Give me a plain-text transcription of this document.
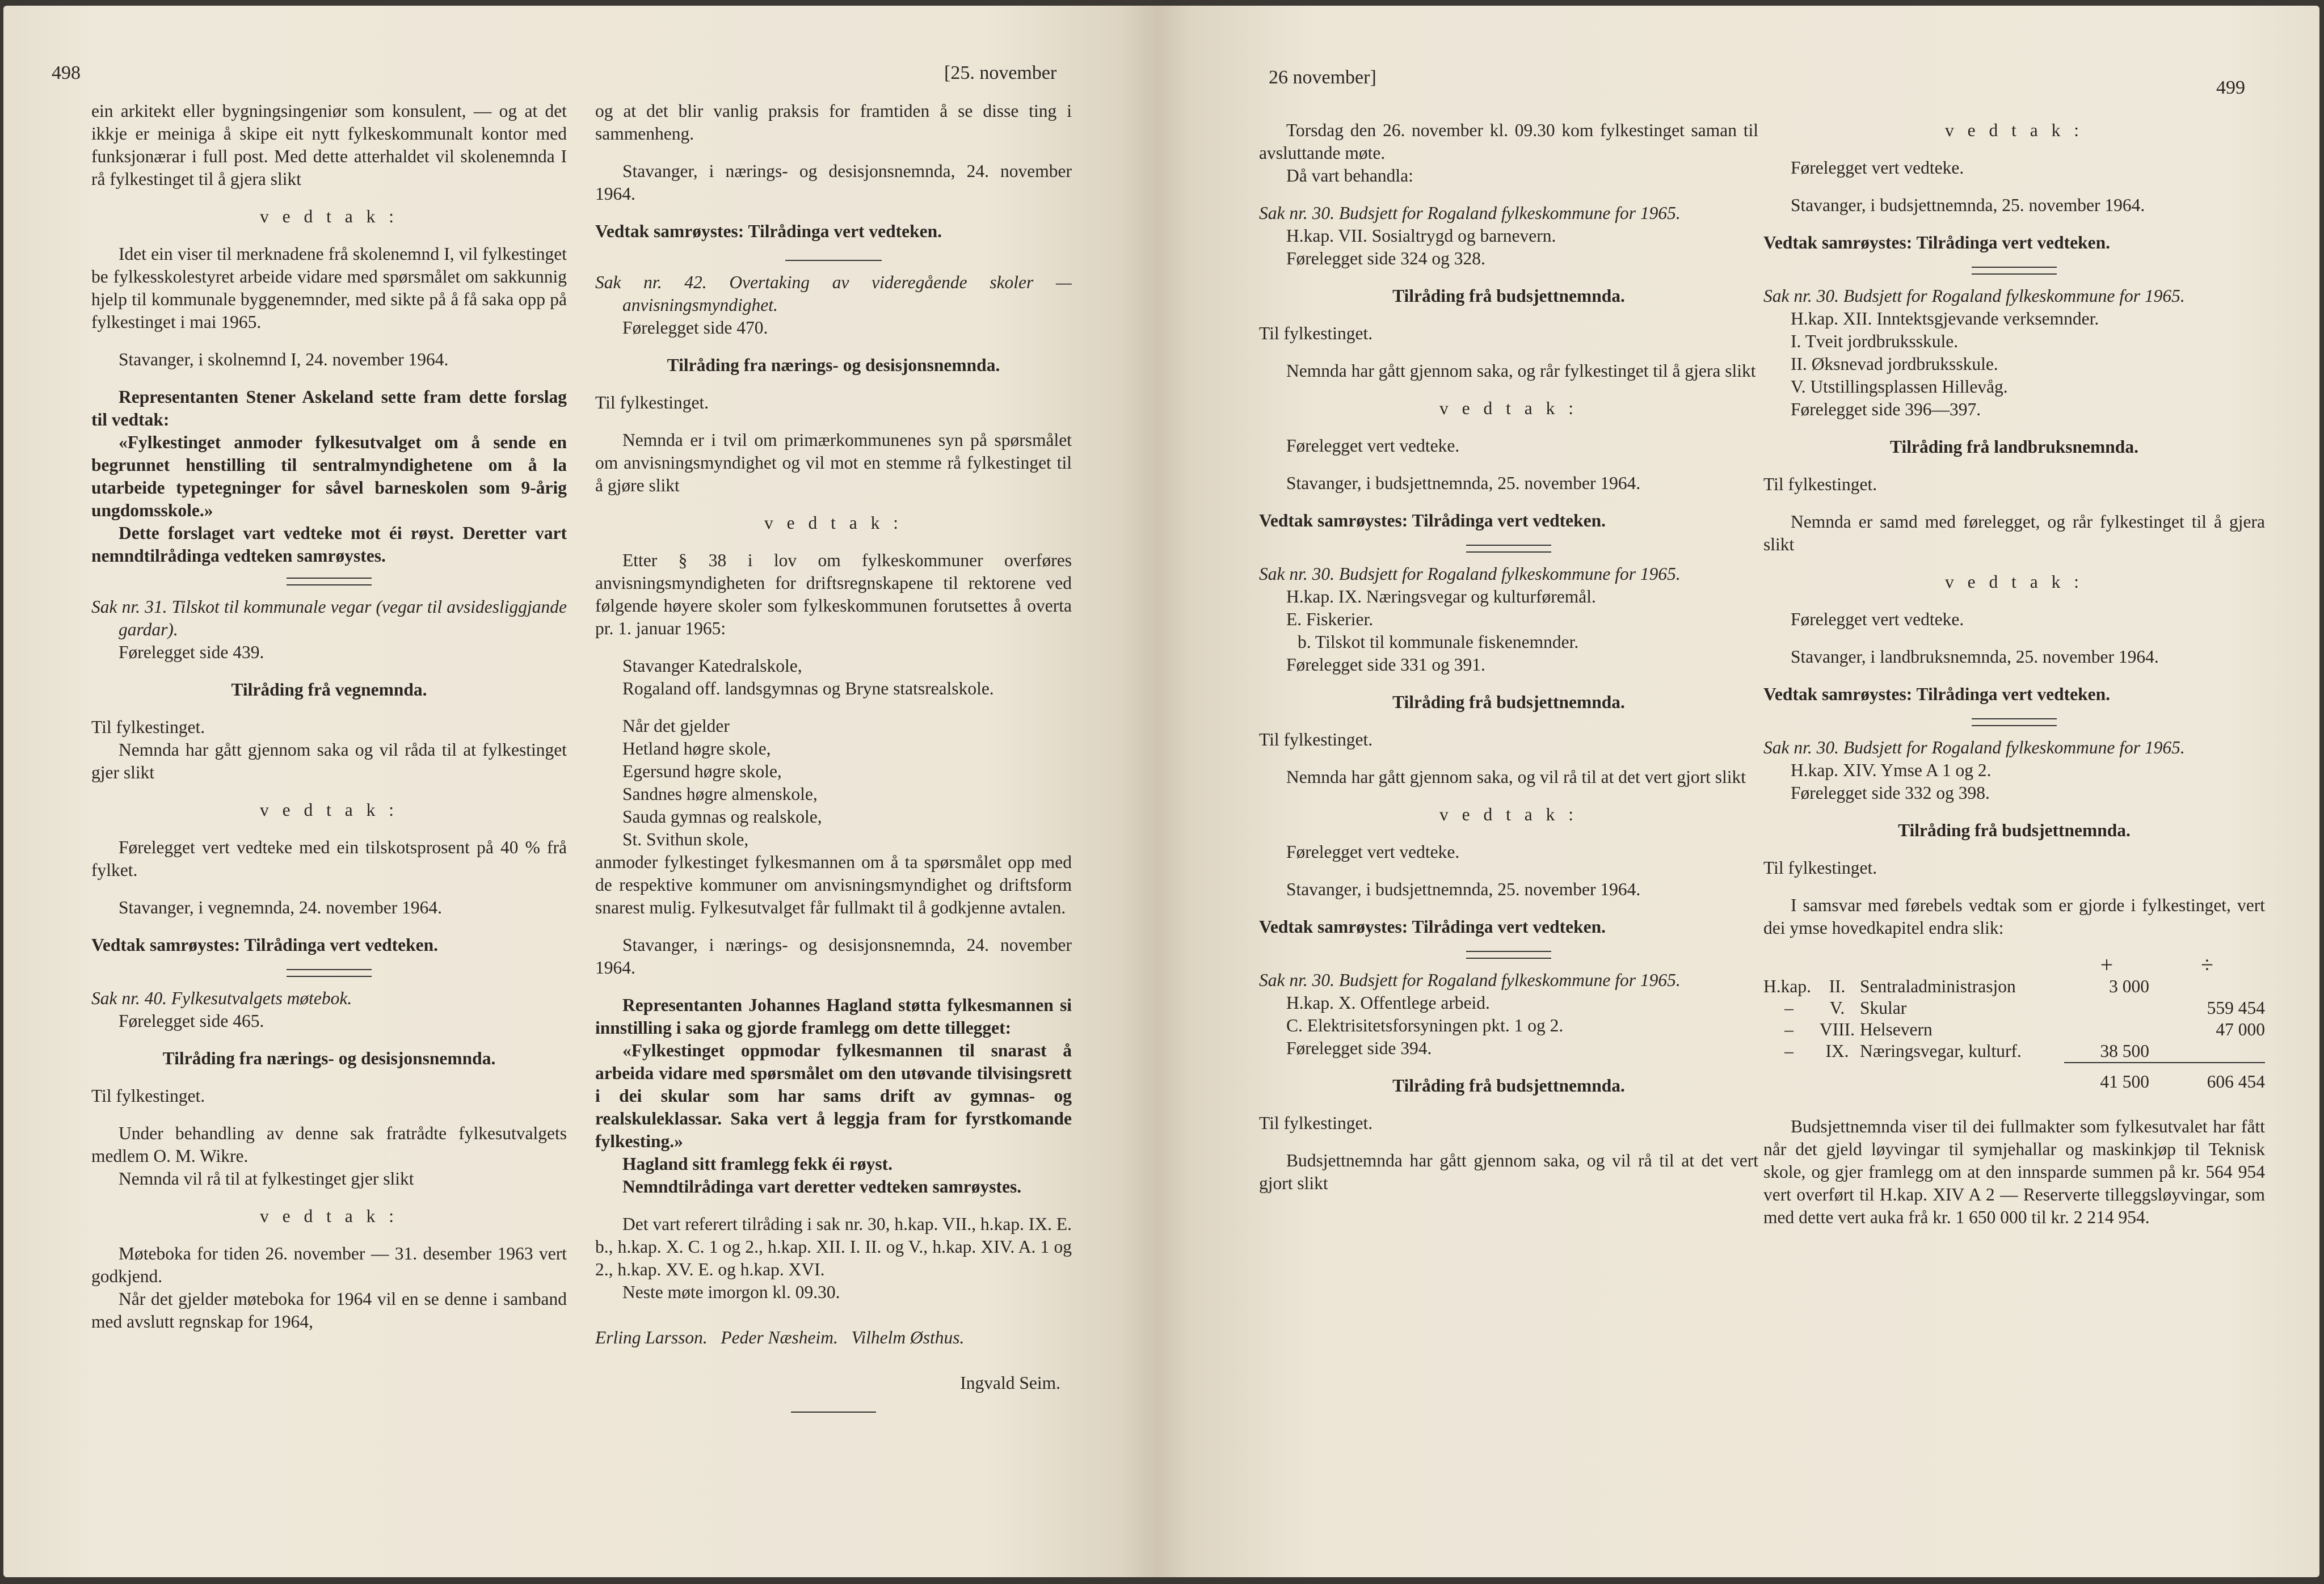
498	[25. november

ein arkitekt eller bygningsingeniør som konsulent, — og at det ikkje er meiniga å skipe eit nytt fylkeskommunalt kontor med funksjonærar i full post. Med dette atterhaldet vil skolenemnda I rå fylkestinget til å gjera slikt

v e d t a k :

Idet ein viser til merknadene frå skolenemnd I, vil fylkestinget be fylkesskolestyret arbeide vidare med spørsmålet om sakkunnig hjelp til kommunale byggenemnder, med sikte på å få saka opp på fylkestinget i mai 1965.

Stavanger, i skolnemnd I, 24. november 1964.

Representanten Stener Askeland sette fram dette forslag til vedtak:

«Fylkestinget anmoder fylkesutvalget om å sende en begrunnet henstilling til sentralmyndighetene om å la utarbeide typetegninger for såvel barneskolen som 9-årig ungdomsskole.»

Dette forslaget vart vedteke mot éi røyst. Deretter vart nemndtilrådinga vedteken samrøystes.

Sak nr. 31. Tilskot til kommunale vegar (vegar til avsidesliggjande gardar).

Førelegget side 439.

Tilråding frå vegnemnda.

Til fylkestinget.

Nemnda har gått gjennom saka og vil råda til at fylkestinget gjer slikt

v e d t a k :

Førelegget vert vedteke med ein tilskotsprosent på 40 % frå fylket.

Stavanger, i vegnemnda, 24. november 1964.

Vedtak samrøystes: Tilrådinga vert vedteken.

Sak nr. 40. Fylkesutvalgets møtebok.

Førelegget side 465.

Tilråding fra nærings- og desisjonsnemnda.

Til fylkestinget.

Under behandling av denne sak fratrådte fylkesutvalgets medlem O. M. Wikre.

Nemnda vil rå til at fylkestinget gjer slikt

v e d t a k :

Møteboka for tiden 26. november — 31. desember 1963 vert godkjend.

Når det gjelder møteboka for 1964 vil en se denne i samband med avslutt regnskap for 1964,

og at det blir vanlig praksis for framtiden å se disse ting i sammenheng.

Stavanger, i nærings- og desisjonsnemnda, 24. november 1964.

Vedtak samrøystes: Tilrådinga vert vedteken.

Sak nr. 42. Overtaking av videregående skoler — anvisningsmyndighet.

Førelegget side 470.

Tilråding fra nærings- og desisjonsnemnda.

Til fylkestinget.

Nemnda er i tvil om primærkommunenes syn på spørsmålet om anvisningsmyndighet og vil mot en stemme rå fylkestinget til å gjøre slikt

v e d t a k :

Etter § 38 i lov om fylkeskommuner overføres anvisningsmyndigheten for driftsregnskapene til rektorene ved følgende høyere skoler som fylkeskommunen forutsettes å overta pr. 1. januar 1965:

Stavanger Katedralskole,

Rogaland off. landsgymnas og Bryne statsrealskole.

Når det gjelder

Hetland høgre skole,

Egersund høgre skole,

Sandnes høgre almenskole,

Sauda gymnas og realskole,

St. Svithun skole,

anmoder fylkestinget fylkesmannen om å ta spørsmålet opp med de respektive kommuner om anvisningsmyndighet og driftsform snarest mulig. Fylkesutvalget får fullmakt til å godkjenne avtalen.

Stavanger, i nærings- og desisjonsnemnda, 24. november 1964.

Representanten Johannes Hagland støtta fylkesmannen si innstilling i saka og gjorde framlegg om dette tillegget:

«Fylkestinget oppmodar fylkesmannen til snarast å arbeida vidare med spørsmålet om den utøvande tilvisingsrett i dei skular som har sams drift av gymnas- og realskuleklassar. Saka vert å leggja fram for fyrstkomande fylkesting.»

Hagland sitt framlegg fekk éi røyst.

Nemndtilrådinga vart deretter vedteken samrøystes.

Det vart referert tilråding i sak nr. 30, h.kap. VII., h.kap. IX. E. b., h.kap. X. C. 1 og 2., h.kap. XII. I. II. og V., h.kap. XIV. A. 1 og 2., h.kap. XV. E. og h.kap. XVI.

Neste møte imorgon kl. 09.30.

Erling Larsson.   Peder Næsheim.   Vilhelm Østhus.

Ingvald Seim.

26 november]	499

Torsdag den 26. november kl. 09.30 kom fylkestinget saman til avsluttande møte.

Då vart behandla:

Sak nr. 30. Budsjett for Rogaland fylkeskommune for 1965.

H.kap. VII. Sosialtrygd og barnevern.

Førelegget side 324 og 328.

Tilråding frå budsjettnemnda.

Til fylkestinget.

Nemnda har gått gjennom saka, og rår fylkestinget til å gjera slikt

v e d t a k :

Førelegget vert vedteke.

Stavanger, i budsjettnemnda, 25. november 1964.

Vedtak samrøystes: Tilrådinga vert vedteken.

Sak nr. 30. Budsjett for Rogaland fylkeskommune for 1965.

H.kap. IX. Næringsvegar og kulturføremål.

E. Fiskerier.

b. Tilskot til kommunale fiskenemnder.

Førelegget side 331 og 391.

Tilråding frå budsjettnemnda.

Til fylkestinget.

Nemnda har gått gjennom saka, og vil rå til at det vert gjort slikt

v e d t a k :

Førelegget vert vedteke.

Stavanger, i budsjettnemnda, 25. november 1964.

Vedtak samrøystes: Tilrådinga vert vedteken.

Sak nr. 30. Budsjett for Rogaland fylkeskommune for 1965.

H.kap. X. Offentlege arbeid.

C. Elektrisitetsforsyningen pkt. 1 og 2.

Førelegget side 394.

Tilråding frå budsjettnemnda.

Til fylkestinget.

Budsjettnemnda har gått gjennom saka, og vil rå til at det vert gjort slikt

v e d t a k :

Førelegget vert vedteke.

Stavanger, i budsjettnemnda, 25. november 1964.

Vedtak samrøystes: Tilrådinga vert vedteken.

Sak nr. 30. Budsjett for Rogaland fylkeskommune for 1965.

H.kap. XII. Inntektsgjevande verksemnder.

I. Tveit jordbruksskule.

II. Øksnevad jordbruksskule.

V. Utstillingsplassen Hillevåg.

Førelegget side 396—397.

Tilråding frå landbruksnemnda.

Til fylkestinget.

Nemnda er samd med førelegget, og rår fylkestinget til å gjera slikt

v e d t a k :

Førelegget vert vedteke.

Stavanger, i landbruksnemnda, 25. november 1964.

Vedtak samrøystes: Tilrådinga vert vedteken.

Sak nr. 30. Budsjett for Rogaland fylkeskommune for 1965.

H.kap. XIV. Ymse A 1 og 2.

Førelegget side 332 og 398.

Tilråding frå budsjettnemnda.

Til fylkestinget.

I samsvar med førebels vedtak som er gjorde i fylkestinget, vert dei ymse hovedkapitel endra slik:

			+	÷
H.kap.	II.	Sentraladministrasjon	3 000	
–	V.	Skular		559 454
–	VIII.	Helsevern		47 000
–	IX.	Næringsvegar, kulturf.	38 500	
			41 500	606 454

Budsjettnemnda viser til dei fullmakter som fylkesutvalet har fått når det gjeld løyvingar til symjehallar og maskinkjøp til Teknisk skole, og gjer framlegg om at den innsparde summen på kr. 564 954 vert overført til H.kap. XIV A 2 — Reserverte tilleggsløyvingar, som med dette vert auka frå kr. 1 650 000 til kr. 2 214 954.
